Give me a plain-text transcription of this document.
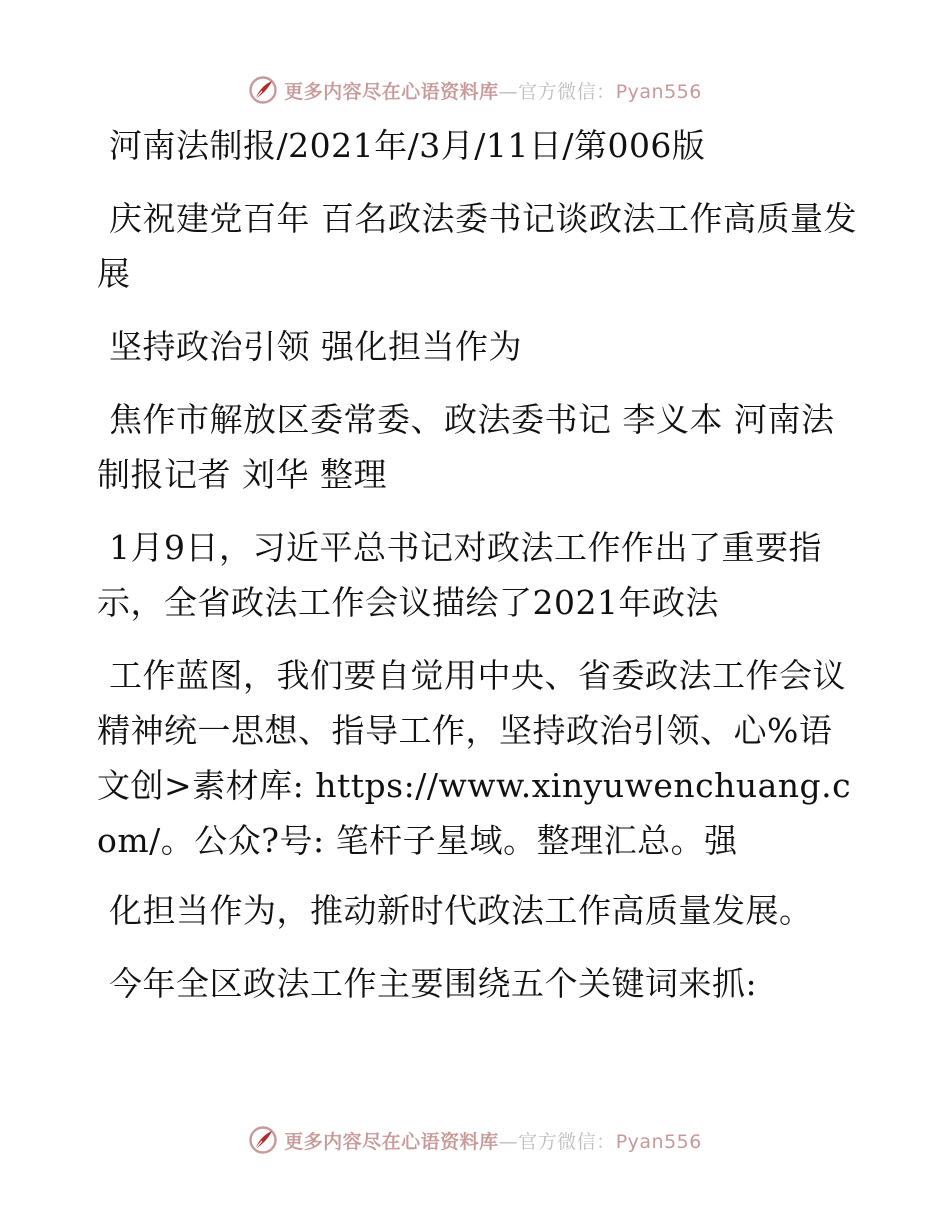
更多内容尽在心语资料库—官方微信：Pyan556

河南法制报/2021年/3月/11日/第006版

庆祝建党百年 百名政法委书记谈政法工作高质量发展

坚持政治引领 强化担当作为

焦作市解放区委常委、政法委书记 李义本 河南法制报记者 刘华 整理

1月9日，习近平总书记对政法工作作出了重要指示，全省政法工作会议描绘了2021年政法

工作蓝图，我们要自觉用中央、省委政法工作会议精神统一思想、指导工作，坚持政治引领、心%语文创>素材库: https://www.xinyuwenchuang.com/。公众?号: 笔杆子星域。整理汇总。强

化担当作为，推动新时代政法工作高质量发展。

今年全区政法工作主要围绕五个关键词来抓:

更多内容尽在心语资料库—官方微信：Pyan556
